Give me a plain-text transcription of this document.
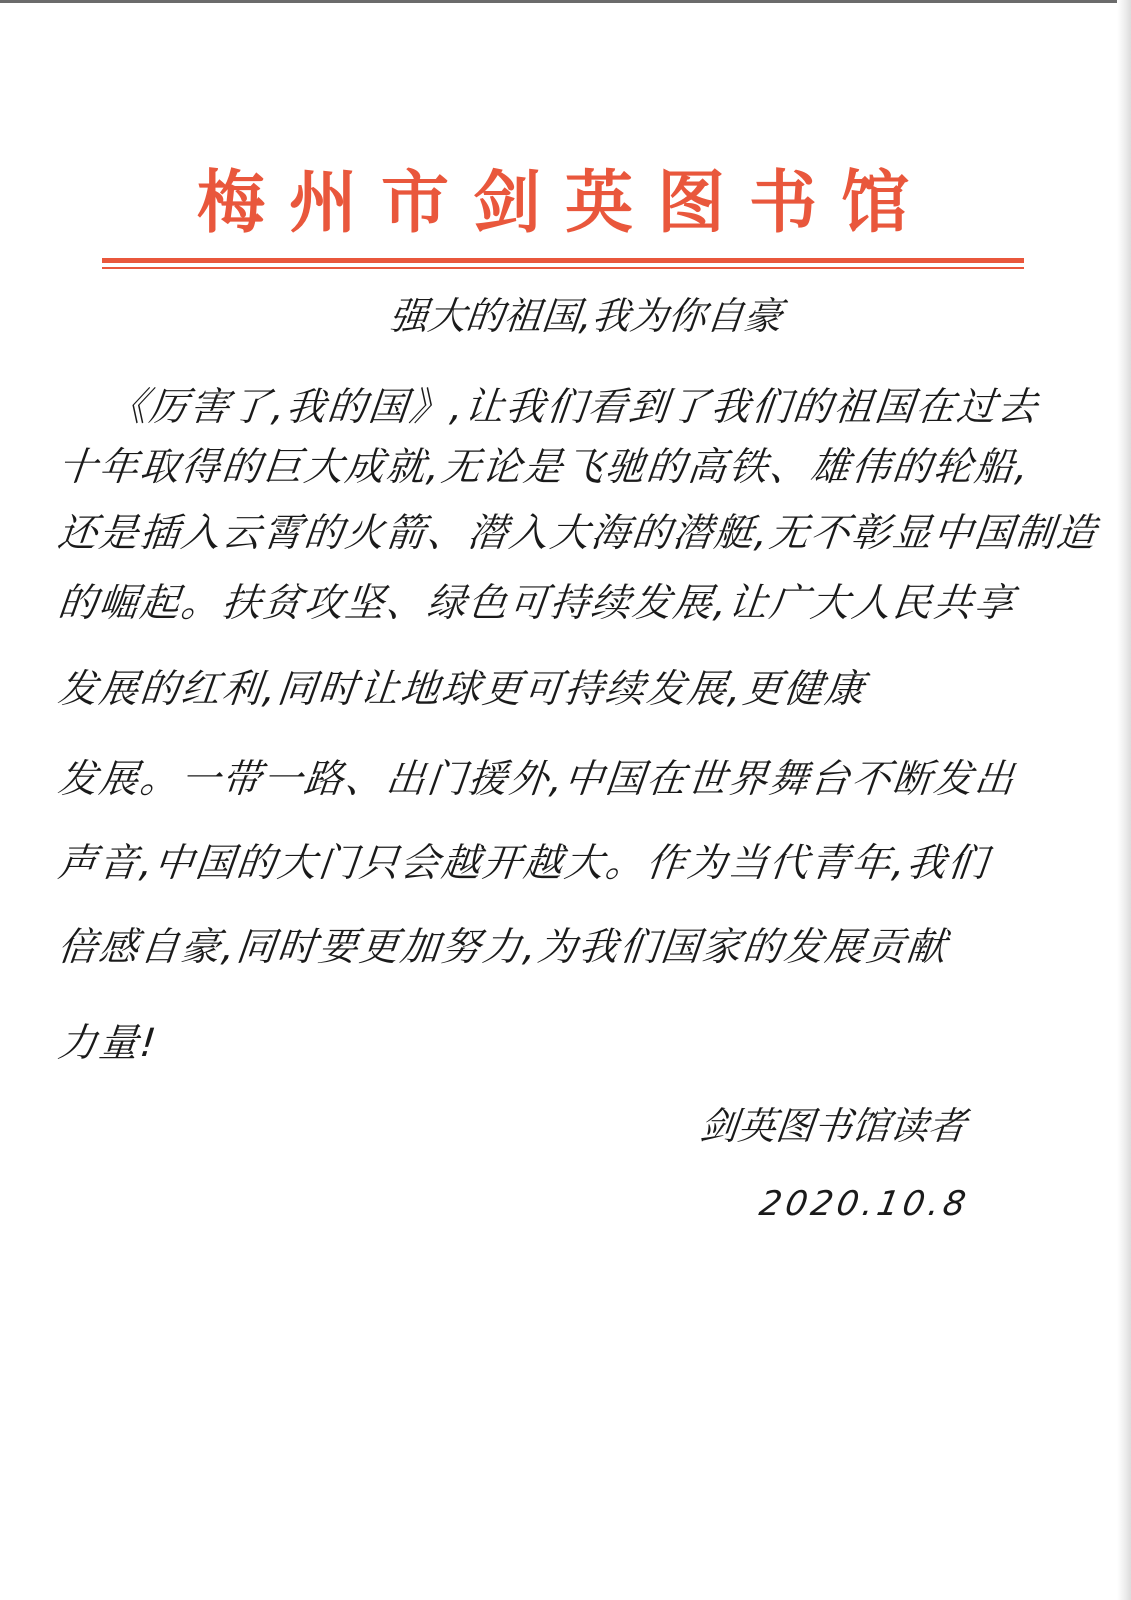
梅州市剑英图书馆
强大的祖国,我为你自豪
《厉害了,我的国》,让我们看到了我们的祖国在过去
十年取得的巨大成就,无论是飞驰的高铁、雄伟的轮船,
还是插入云霄的火箭、潜入大海的潜艇,无不彰显中国制造
的崛起。扶贫攻坚、绿色可持续发展,让广大人民共享
发展的红利,同时让地球更可持续发展,更健康
发展。一带一路、出门援外,中国在世界舞台不断发出
声音,中国的大门只会越开越大。作为当代青年,我们
倍感自豪,同时要更加努力,为我们国家的发展贡献
力量!
剑英图书馆读者
2020.10.8
